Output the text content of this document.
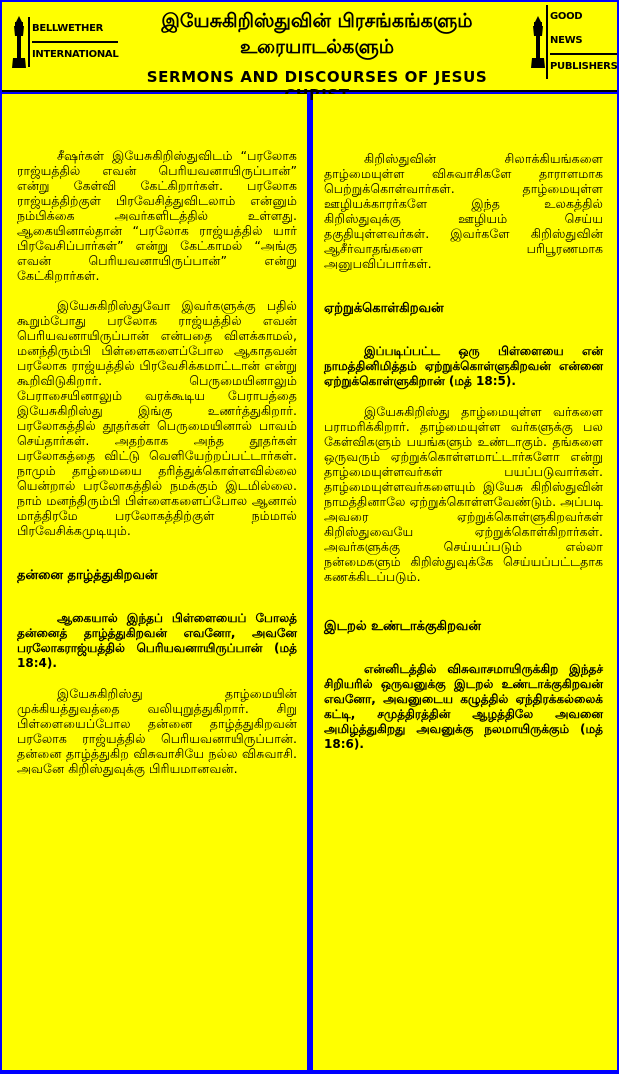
BELLWETHER
INTERNATIONAL
இயேசுகிறிஸ்துவின் பிரசங்கங்களும்
உரையாடல்களும்
SERMONS AND DISCOURSES OF JESUS
GOOD NEWS
PUBLISHERS

சீஷர்கள் இயேசுகிறிஸ்துவிடம் “பரலோக ராஜ்யத்தில் எவன் பெரியவனாயிருப்பான்” என்று கேள்வி கேட்கிறார்கள். பரலோக ராஜ்யத்திற்குள் பிரவேசித்துவிடலாம் என்னும் நம்பிக்கை அவர்களிடத்தில் உள்ளது. ஆகையினால்தான் “பரலோக ராஜ்யத்தில் யார் பிரவேசிப்பார்கள்” என்று கேட்காமல் “அங்கு எவன் பெரியவனாயிருப்பான்” என்று கேட்கிறார்கள்.

இயேசுகிறிஸ்துவோ இவர்களுக்கு பதில் கூறும்போது பரலோக ராஜ்யத்தில் எவன் பெரியவனாயிருப்பான் என்பதை விளக்காமல், மனந்திரும்பி பிள்ளைகளைப்போல ஆகாதவன் பரலோக ராஜ்யத்தில் பிரவேசிக்கமாட்டான் என்று கூறிவிடுகிறார். பெருமையினாலும் பேராசையினாலும் வரக்கூடிய பேராபத்தை இயேசுகிறிஸ்து இங்கு உணர்த்துகிறார். பரலோகத்தில் தூதர்கள் பெருமையினால் பாவம் செய்தார்கள். அதற்காக அந்த தூதர்கள் பரலோகத்தை விட்டு வெளியேற்றப்பட்டார்கள். நாமும் தாழ்மையை தரித்துக்கொள்ளவில்லை யென்றால் பரலோகத்தில் நமக்கும் இடமில்லை. நாம் மனந்திரும்பி பிள்ளைகளைப்போல ஆனால் மாத்திரமே பரலோகத்திற்குள் நம்மால் பிரவேசிக்கமுடியும்.

தன்னை தாழ்த்துகிறவன்

ஆகையால் இந்தப் பிள்ளையைப் போலத் தன்னைத் தாழ்த்துகிறவன் எவனோ, அவனே பரலோகராஜ்யத்தில் பெரியவனாயிருப்பான் (மத் 18:4).

இயேசுகிறிஸ்து தாழ்மையின் முக்கியத்துவத்தை வலியுறுத்துகிறார். சிறு பிள்ளையைப்போல தன்னை தாழ்த்துகிறவன் பரலோக ராஜ்யத்தில் பெரியவனாயிருப்பான். தன்னை தாழ்த்துகிற விசுவாசியே நல்ல விசுவாசி. அவனே கிறிஸ்துவுக்கு பிரியமானவன்.

கிறிஸ்துவின் சிலாக்கியங்களை தாழ்மையுள்ள விசுவாசிகளே தாராளமாக பெற்றுக்கொள்வார்கள். தாழ்மையுள்ள ஊழியக்காரர்களே இந்த உலகத்தில் கிறிஸ்துவுக்கு ஊழியம் செய்ய தகுதியுள்ளவர்கள். இவர்களே கிறிஸ்துவின் ஆசீர்வாதங்களை பரிபூரணமாக அனுபவிப்பார்கள்.

ஏற்றுக்கொள்கிறவன்

இப்படிப்பட்ட ஒரு பிள்ளையை என் நாமத்தினிமித்தம் ஏற்றுக்கொள்ளுகிறவன் என்னை ஏற்றுக்கொள்ளுகிறான் (மத் 18:5).

இயேசுகிறிஸ்து தாழ்மையுள்ள வர்களை பராமரிக்கிறார். தாழ்மையுள்ள வர்களுக்கு பல கேள்விகளும் பயங்களும் உண்டாகும். தங்களை ஒருவரும் ஏற்றுக்கொள்ளமாட்டார்களோ என்று தாழ்மையுள்ளவர்கள் பயப்படுவார்கள். தாழ்மையுள்ளவர்களையும் இயேசு கிறிஸ்துவின் நாமத்தினாலே ஏற்றுக்கொள்ளவேண்டும். அப்படி அவரை ஏற்றுக்கொள்ளுகிறவர்கள் கிறிஸ்துவையே ஏற்றுக்கொள்கிறார்கள். அவர்களுக்கு செய்யப்படும் எல்லா நன்மைகளும் கிறிஸ்துவுக்கே செய்யப்பட்டதாக கணக்கிடப்படும்.

இடறல் உண்டாக்குகிறவன்

என்னிடத்தில் விசுவாசமாயிருக்கிற இந்தச் சிறியரில் ஒருவனுக்கு இடறல் உண்டாக்குகிறவன் எவனோ, அவனுடைய கழுத்தில் ஏந்திரக்கல்லைக் கட்டி, சமுத்திரத்தின் ஆழத்திலே அவனை அமிழ்த்துகிறது அவனுக்கு நலமாயிருக்கும் (மத் 18:6).
